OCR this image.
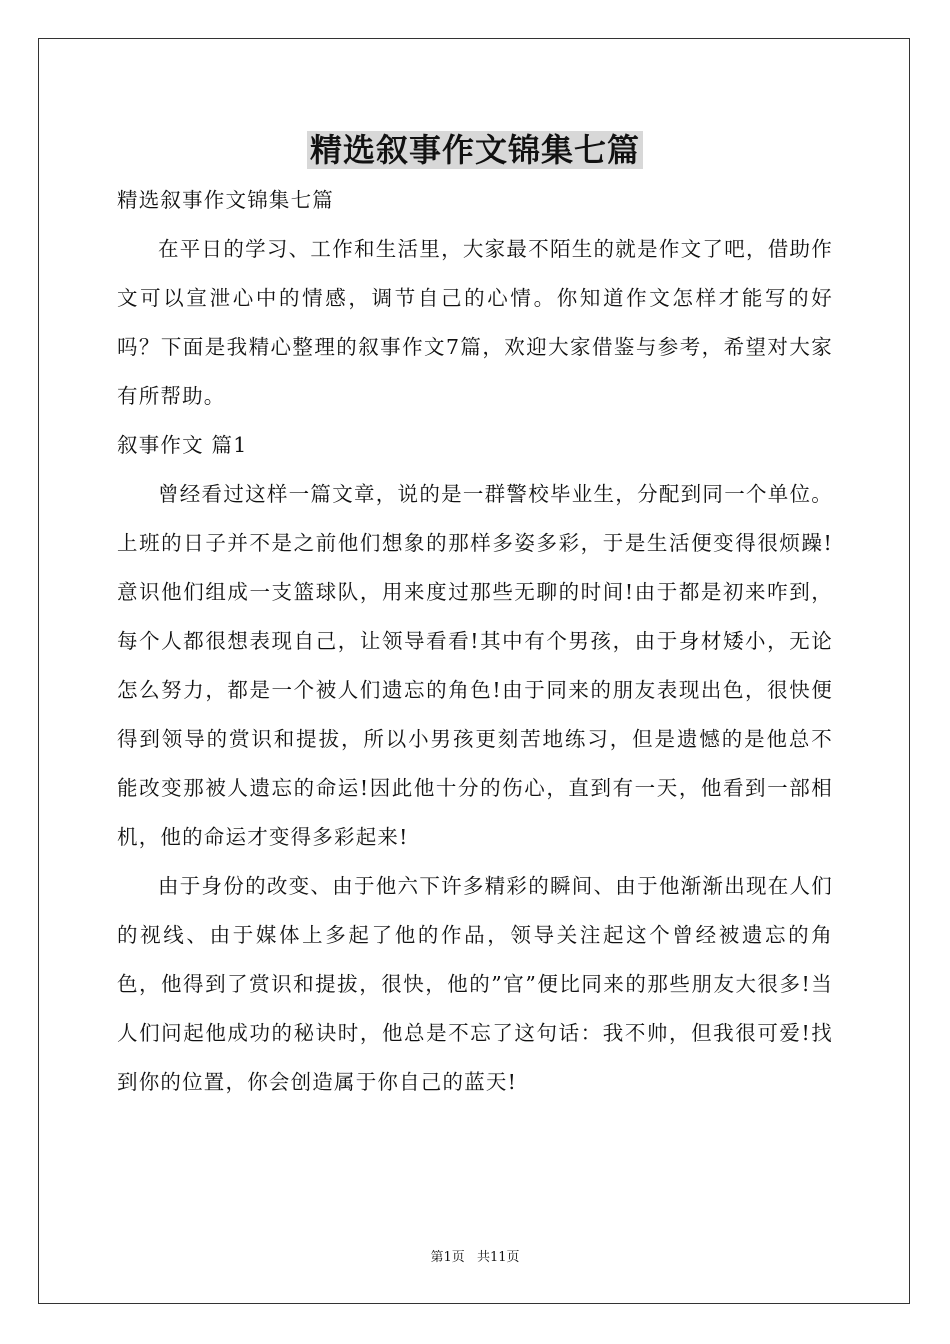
精选叙事作文锦集七篇

精选叙事作文锦集七篇

在平日的学习、工作和生活里，大家最不陌生的就是作文了吧，借助作文可以宣泄心中的情感，调节自己的心情。你知道作文怎样才能写的好吗？下面是我精心整理的叙事作文7篇，欢迎大家借鉴与参考，希望对大家有所帮助。

叙事作文 篇1

曾经看过这样一篇文章，说的是一群警校毕业生，分配到同一个单位。上班的日子并不是之前他们想象的那样多姿多彩，于是生活便变得很烦躁!意识他们组成一支篮球队，用来度过那些无聊的时间!由于都是初来咋到，每个人都很想表现自己，让领导看看!其中有个男孩，由于身材矮小，无论怎么努力，都是一个被人们遗忘的角色!由于同来的朋友表现出色，很快便得到领导的赏识和提拔，所以小男孩更刻苦地练习，但是遗憾的是他总不能改变那被人遗忘的命运!因此他十分的伤心，直到有一天，他看到一部相机，他的命运才变得多彩起来!

由于身份的改变、由于他六下许多精彩的瞬间、由于他渐渐出现在人们的视线、由于媒体上多起了他的作品，领导关注起这个曾经被遗忘的角色，他得到了赏识和提拔，很快，他的”官”便比同来的那些朋友大很多!当人们问起他成功的秘诀时，他总是不忘了这句话：我不帅，但我很可爱!找到你的位置，你会创造属于你自己的蓝天!

第1页 共11页
